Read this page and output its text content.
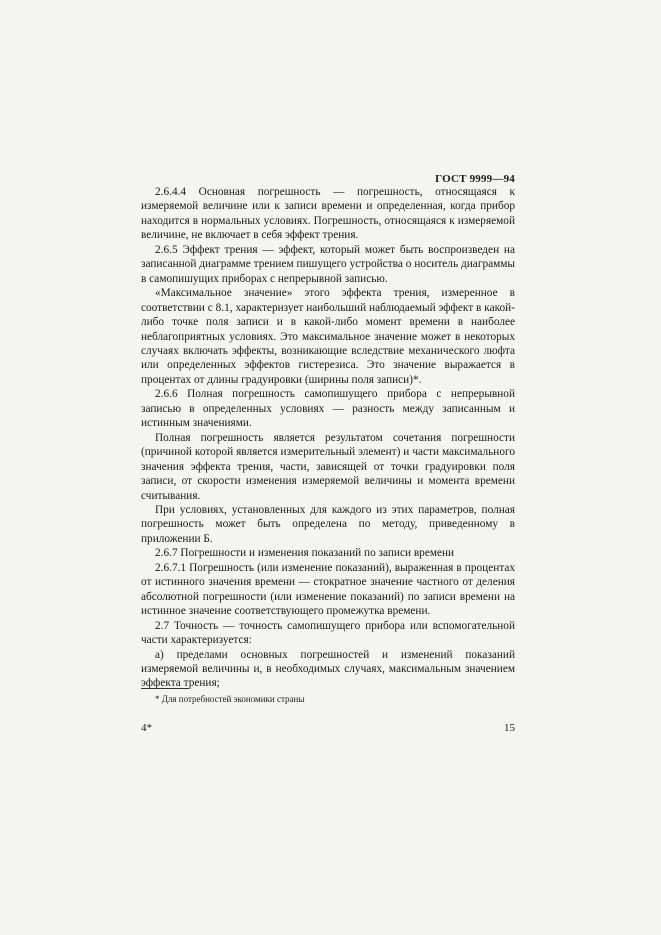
ГОСТ 9999—94

2.6.4.4 Основная погрешность — погрешность, относящаяся к измеряемой величине или к записи времени и определенная, когда прибор находится в нормальных условиях. Погрешность, относящаяся к измеряемой величине, не включает в себя эффект трения.

2.6.5 Эффект трения — эффект, который может быть воспроизведен на записанной диаграмме трением пишущего устройства о носитель диаграммы в самопишущих приборах с непрерывной записью.

«Максимальное значение» этого эффекта трения, измеренное в соответствии с 8.1, характеризует наибольший наблюдаемый эффект в какой-либо точке поля записи и в какой-либо момент времени в наиболее неблагоприятных условиях. Это максимальное значение может в некоторых случаях включать эффекты, возникающие вследствие механического люфта или определенных эффектов гистерезиса. Это значение выражается в процентах от длины градуировки (ширины поля записи)*.

2.6.6 Полная погрешность самопишущего прибора с непрерывной записью в определенных условиях — разность между записанным и истинным значениями.

Полная погрешность является результатом сочетания погрешности (причиной которой является измерительный элемент) и части максимального значения эффекта трения, части, зависящей от точки градуировки поля записи, от скорости изменения измеряемой величины и момента времени считывания.

При условиях, установленных для каждого из этих параметров, полная погрешность может быть определена по методу, приведенному в приложении Б.

2.6.7 Погрешности и изменения показаний по записи времени

2.6.7.1 Погрешность (или изменение показаний), выраженная в процентах от истинного значения времени — стократное значение частного от деления абсолютной погрешности (или изменение показаний) по записи времени на истинное значение соответствующего промежутка времени.

2.7 Точность — точность самопишущего прибора или вспомогательной части характеризуется:

а) пределами основных погрешностей и изменений показаний измеряемой величины и, в необходимых случаях, максимальным значением эффекта трения;

* Для потребностей экономики страны
4*	15
